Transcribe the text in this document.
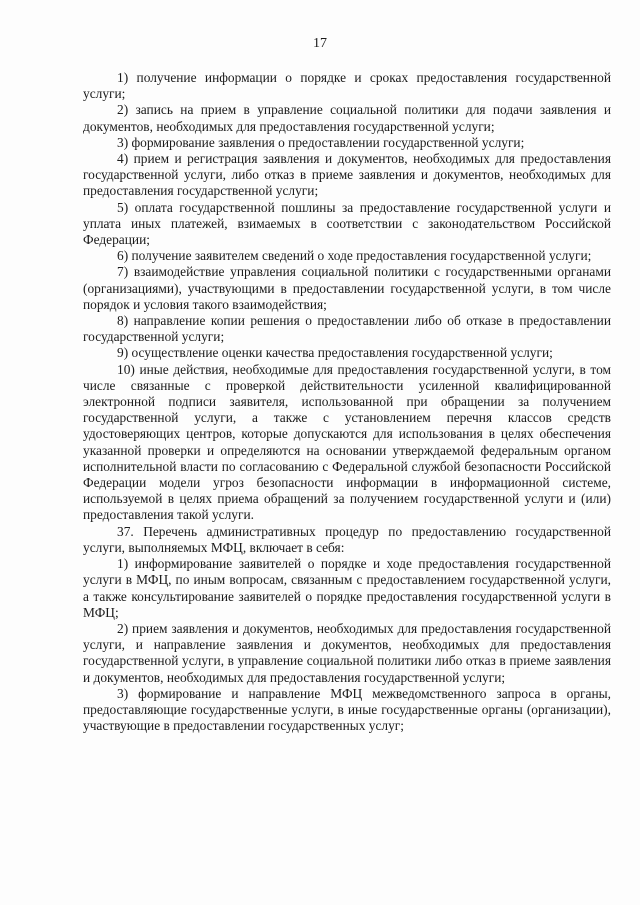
17

1) получение информации о порядке и сроках предоставления государственной услуги;

2) запись на прием в управление социальной политики для подачи заявления и документов, необходимых для предоставления государственной услуги;

3) формирование заявления о предоставлении государственной услуги;

4) прием и регистрация заявления и документов, необходимых для предоставления государственной услуги, либо отказ в приеме заявления и документов, необходимых для предоставления государственной услуги;

5) оплата государственной пошлины за предоставление государственной услуги и уплата иных платежей, взимаемых в соответствии с законодательством Российской Федерации;

6) получение заявителем сведений о ходе предоставления государственной услуги;

7) взаимодействие управления социальной политики с государственными органами (организациями), участвующими в предоставлении государственной услуги, в том числе порядок и условия такого взаимодействия;

8) направление копии решения о предоставлении либо об отказе в предоставлении государственной услуги;

9) осуществление оценки качества предоставления государственной услуги;

10) иные действия, необходимые для предоставления государственной услуги, в том числе связанные с проверкой действительности усиленной квалифицированной электронной подписи заявителя, использованной при обращении за получением государственной услуги, а также с установлением перечня классов средств удостоверяющих центров, которые допускаются для использования в целях обеспечения указанной проверки и определяются на основании утверждаемой федеральным органом исполнительной власти по согласованию с Федеральной службой безопасности Российской Федерации модели угроз безопасности информации в информационной системе, используемой в целях приема обращений за получением государственной услуги и (или) предоставления такой услуги.

37. Перечень административных процедур по предоставлению государственной услуги, выполняемых МФЦ, включает в себя:

1) информирование заявителей о порядке и ходе предоставления государственной услуги в МФЦ, по иным вопросам, связанным с предоставлением государственной услуги, а также консультирование заявителей о порядке предоставления государственной услуги в МФЦ;

2) прием заявления и документов, необходимых для предоставления государственной услуги, и направление заявления и документов, необходимых для предоставления государственной услуги, в управление социальной политики либо отказ в приеме заявления и документов, необходимых для предоставления государственной услуги;

3) формирование и направление МФЦ межведомственного запроса в органы, предоставляющие государственные услуги, в иные государственные органы (организации), участвующие в предоставлении государственных услуг;
